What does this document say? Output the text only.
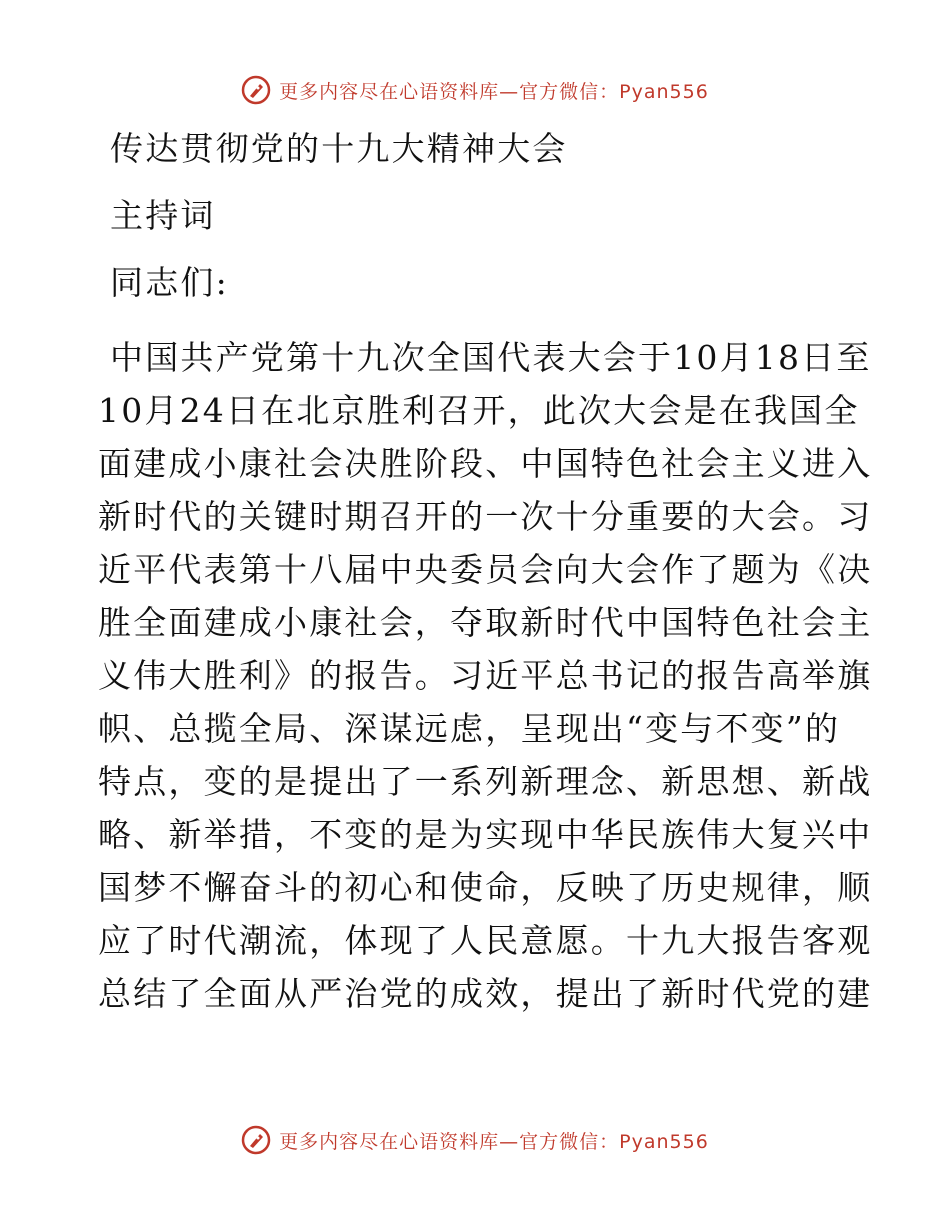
更多内容尽在心语资料库—官方微信：Pyan556

传达贯彻党的十九大精神大会

主持词

同志们:

中国共产党第十九次全国代表大会于10月18日至

10月24日在北京胜利召开，此次大会是在我国全

面建成小康社会决胜阶段、中国特色社会主义进入

新时代的关键时期召开的一次十分重要的大会。习

近平代表第十八届中央委员会向大会作了题为《决

胜全面建成小康社会，夺取新时代中国特色社会主

义伟大胜利》的报告。习近平总书记的报告高举旗

帜、总揽全局、深谋远虑，呈现出“变与不变”的

特点，变的是提出了一系列新理念、新思想、新战

略、新举措，不变的是为实现中华民族伟大复兴中

国梦不懈奋斗的初心和使命，反映了历史规律，顺

应了时代潮流，体现了人民意愿。十九大报告客观

总结了全面从严治党的成效，提出了新时代党的建

更多内容尽在心语资料库—官方微信：Pyan556
